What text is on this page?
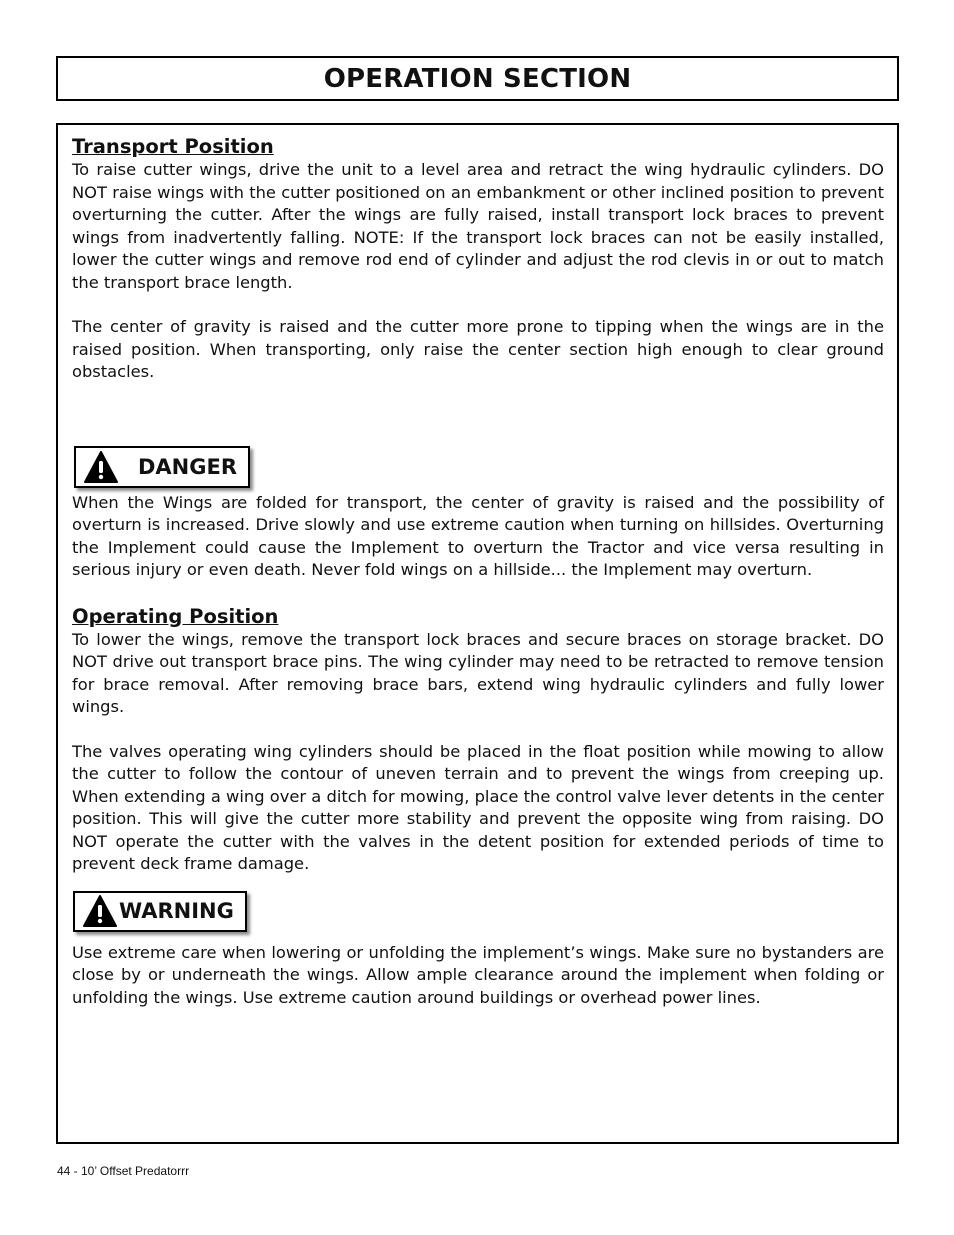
OPERATION SECTION
Transport Position

To raise cutter wings, drive the unit to a level area and retract the wing hydraulic cylinders. DO NOT raise wings with the cutter positioned on an embankment or other inclined position to prevent overturning the cutter. After the wings are fully raised, install transport lock braces to prevent wings from inadvertently falling. NOTE: If the transport lock braces can not be easily installed, lower the cutter wings and remove rod end of cylinder and adjust the rod clevis in or out to match the transport brace length.

The center of gravity is raised and the cutter more prone to tipping when the wings are in the raised position. When transporting, only raise the center section high enough to clear ground obstacles.

DANGER

When the Wings are folded for transport, the center of gravity is raised and the possibility of overturn is increased. Drive slowly and use extreme caution when turning on hillsides. Overturning the Implement could cause the Implement to overturn the Tractor and vice versa resulting in serious injury or even death. Never fold wings on a hillside... the Implement may overturn.

Operating Position

To lower the wings, remove the transport lock braces and secure braces on storage bracket. DO NOT drive out transport brace pins. The wing cylinder may need to be retracted to remove tension for brace removal. After removing brace bars, extend wing hydraulic cylinders and fully lower wings.

The valves operating wing cylinders should be placed in the float position while mowing to allow the cutter to follow the contour of uneven terrain and to prevent the wings from creeping up. When extending a wing over a ditch for mowing, place the control valve lever detents in the center position. This will give the cutter more stability and prevent the opposite wing from raising. DO NOT operate the cutter with the valves in the detent position for extended periods of time to prevent deck frame damage.

WARNING

Use extreme care when lowering or unfolding the implement’s wings. Make sure no bystanders are close by or underneath the wings. Allow ample clearance around the implement when folding or unfolding the wings. Use extreme caution around buildings or overhead power lines.

44 - 10’ Offset Predatorrr
